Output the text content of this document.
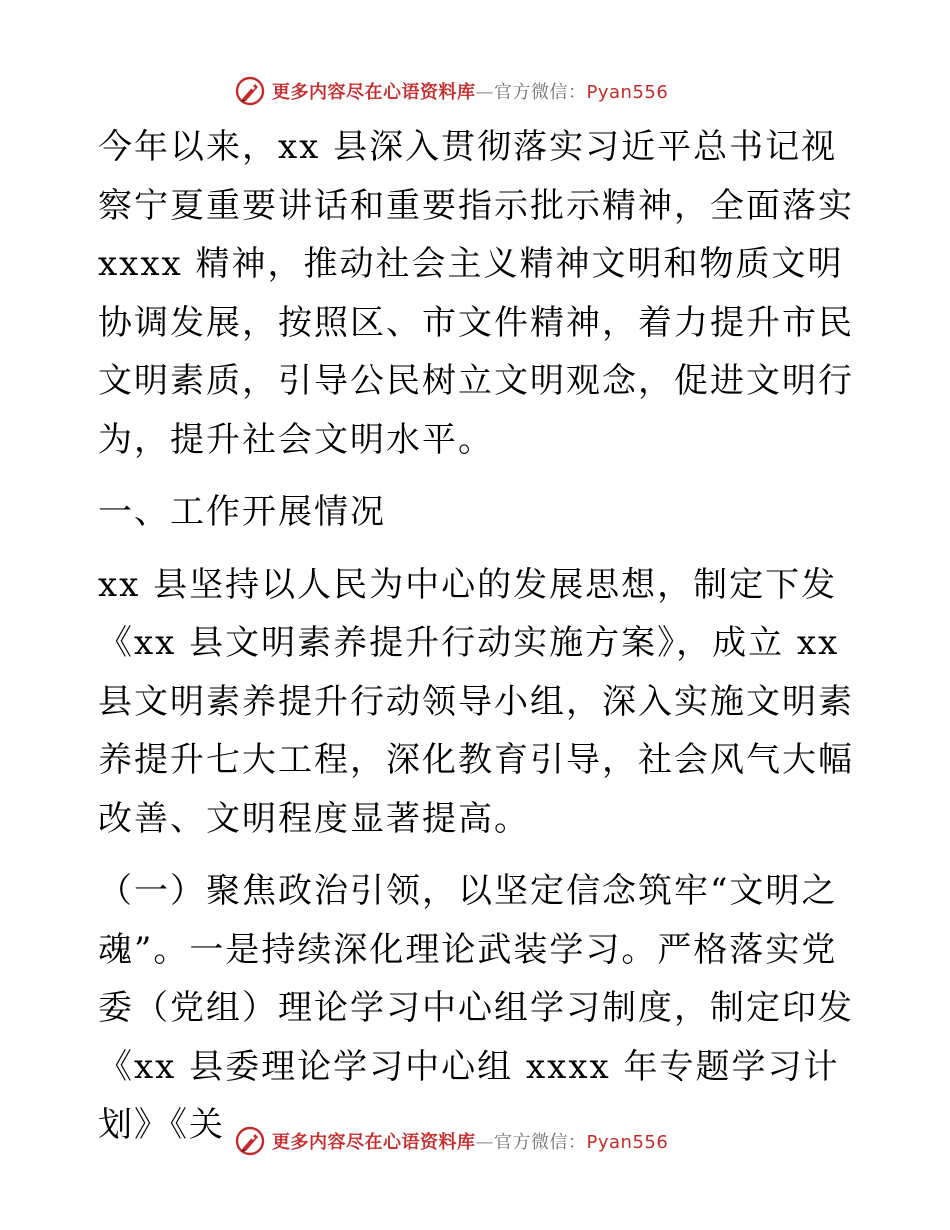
更多内容尽在心语资料库—官方微信：Pyan556

今年以来，xx 县深入贯彻落实习近平总书记视察宁夏重要讲话和重要指示批示精神，全面落实 xxxx 精神，推动社会主义精神文明和物质文明协调发展，按照区、市文件精神，着力提升市民文明素质，引导公民树立文明观念，促进文明行为，提升社会文明水平。

一、工作开展情况

xx 县坚持以人民为中心的发展思想，制定下发《xx 县文明素养提升行动实施方案》，成立 xx 县文明素养提升行动领导小组，深入实施文明素养提升七大工程，深化教育引导，社会风气大幅改善、文明程度显著提高。

（一）聚焦政治引领，以坚定信念筑牢“文明之魂”。一是持续深化理论武装学习。严格落实党委（党组）理论学习中心组学习制度，制定印发《xx 县委理论学习中心组 xxxx 年专题学习计划》《关	更多内容尽在心语资料库—官方微信：Pyan556
